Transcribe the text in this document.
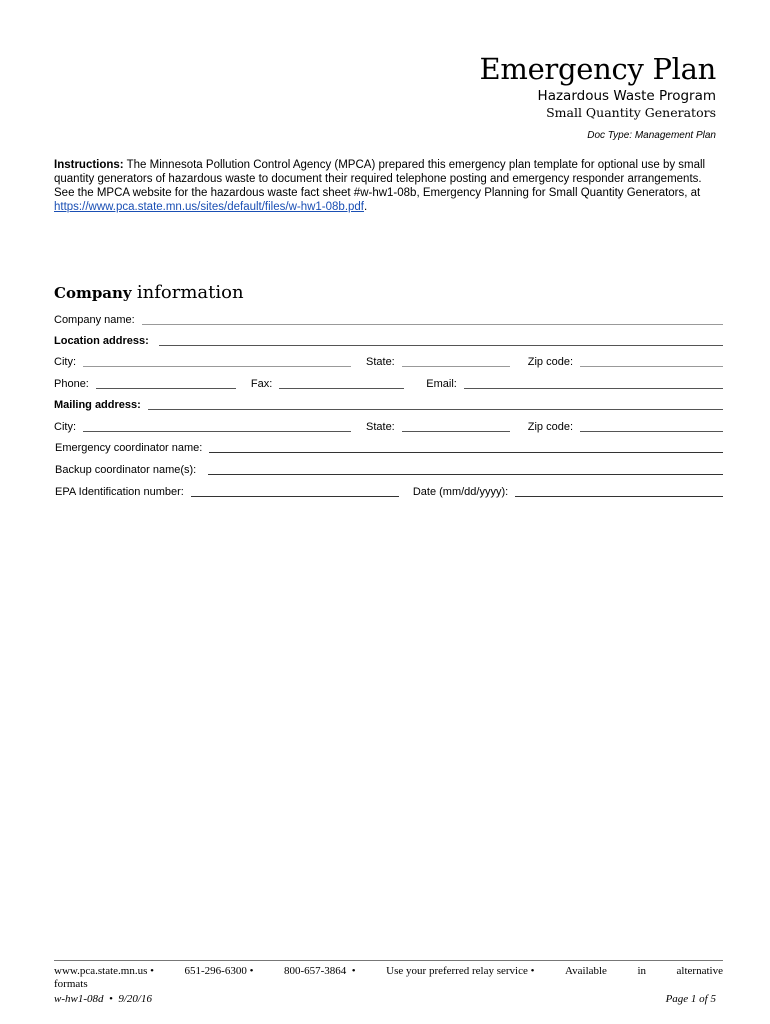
Emergency Plan
Hazardous Waste Program
Small Quantity Generators
Doc Type: Management Plan
Instructions: The Minnesota Pollution Control Agency (MPCA) prepared this emergency plan template for optional use by small quantity generators of hazardous waste to document their required telephone posting and emergency responder arrangements. See the MPCA website for the hazardous waste fact sheet #w-hw1-08b, Emergency Planning for Small Quantity Generators, at https://www.pca.state.mn.us/sites/default/files/w-hw1-08b.pdf.
Company information
Company name:
Location address:
City:	State:	Zip code:
Phone:	Fax:	Email:
Mailing address:
City:	State:	Zip code:
Emergency coordinator name:
Backup coordinator name(s):
EPA Identification number:	Date (mm/dd/yyyy):
www.pca.state.mn.us •	651-296-6300 •	800-657-3864 •	Use your preferred relay service •	Available	in	alternative
formats
w-hw1-08d • 9/20/16	Page 1 of 5
